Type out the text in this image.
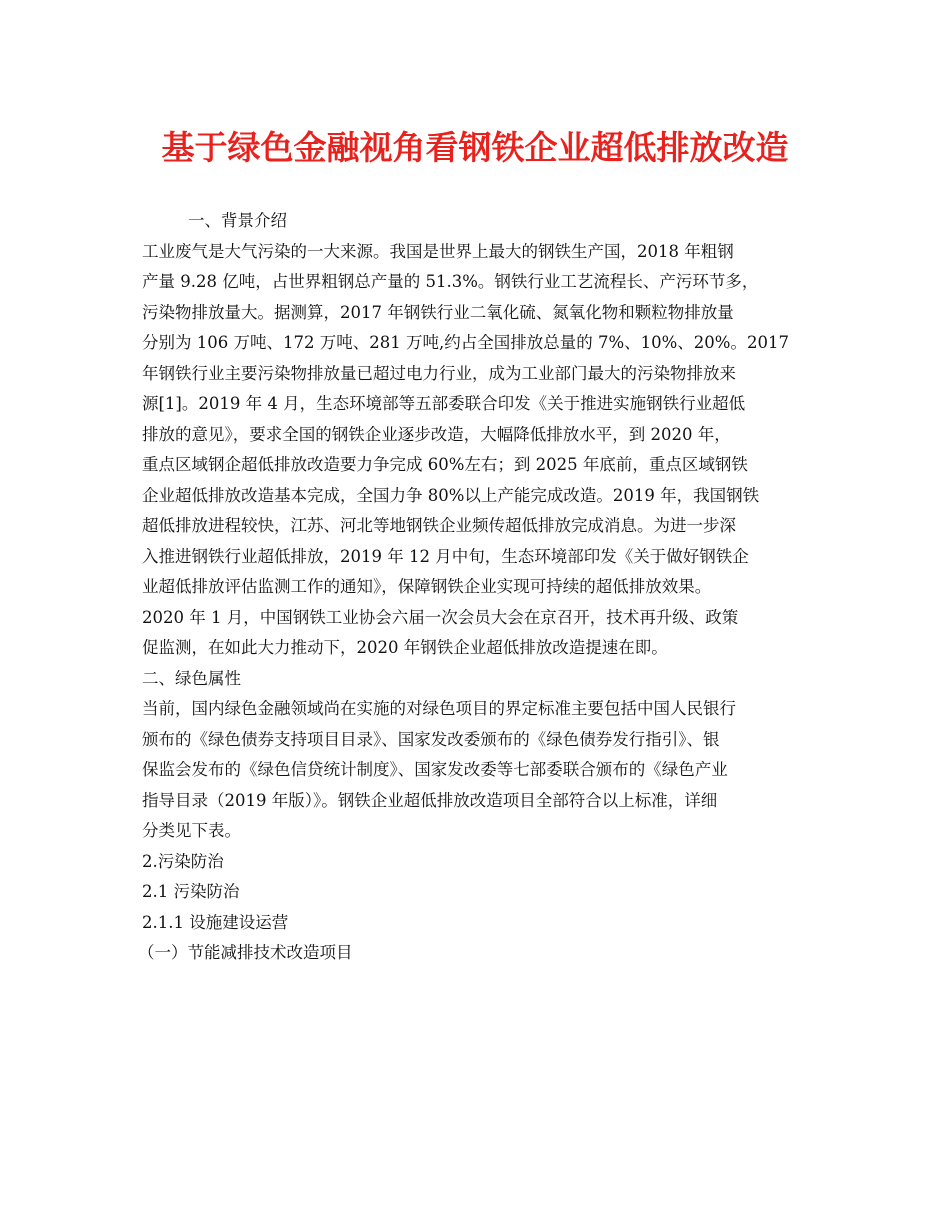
基于绿色金融视角看钢铁企业超低排放改造
一、背景介绍
工业废气是大气污染的一大来源。我国是世界上最大的钢铁生产国，2018 年粗钢
产量 9.28 亿吨，占世界粗钢总产量的 51.3%。钢铁行业工艺流程长、产污环节多，
污染物排放量大。据测算，2017 年钢铁行业二氧化硫、氮氧化物和颗粒物排放量
分别为 106 万吨、172 万吨、281 万吨,约占全国排放总量的 7%、10%、20%。2017
年钢铁行业主要污染物排放量已超过电力行业，成为工业部门最大的污染物排放来
源[1]。2019 年 4 月，生态环境部等五部委联合印发《关于推进实施钢铁行业超低
排放的意见》，要求全国的钢铁企业逐步改造，大幅降低排放水平，到 2020 年，
重点区域钢企超低排放改造要力争完成 60%左右；到 2025 年底前，重点区域钢铁
企业超低排放改造基本完成，全国力争 80%以上产能完成改造。2019 年，我国钢铁
超低排放进程较快，江苏、河北等地钢铁企业频传超低排放完成消息。为进一步深
入推进钢铁行业超低排放，2019 年 12 月中旬，生态环境部印发《关于做好钢铁企
业超低排放评估监测工作的通知》，保障钢铁企业实现可持续的超低排放效果。
2020 年 1 月，中国钢铁工业协会六届一次会员大会在京召开，技术再升级、政策
促监测，在如此大力推动下，2020 年钢铁企业超低排放改造提速在即。
二、绿色属性
当前，国内绿色金融领域尚在实施的对绿色项目的界定标准主要包括中国人民银行
颁布的《绿色债券支持项目目录》、国家发改委颁布的《绿色债券发行指引》、银
保监会发布的《绿色信贷统计制度》、国家发改委等七部委联合颁布的《绿色产业
指导目录（2019 年版）》。钢铁企业超低排放改造项目全部符合以上标准，详细
分类见下表。
2.污染防治
2.1 污染防治
2.1.1 设施建设运营
（一）节能减排技术改造项目
